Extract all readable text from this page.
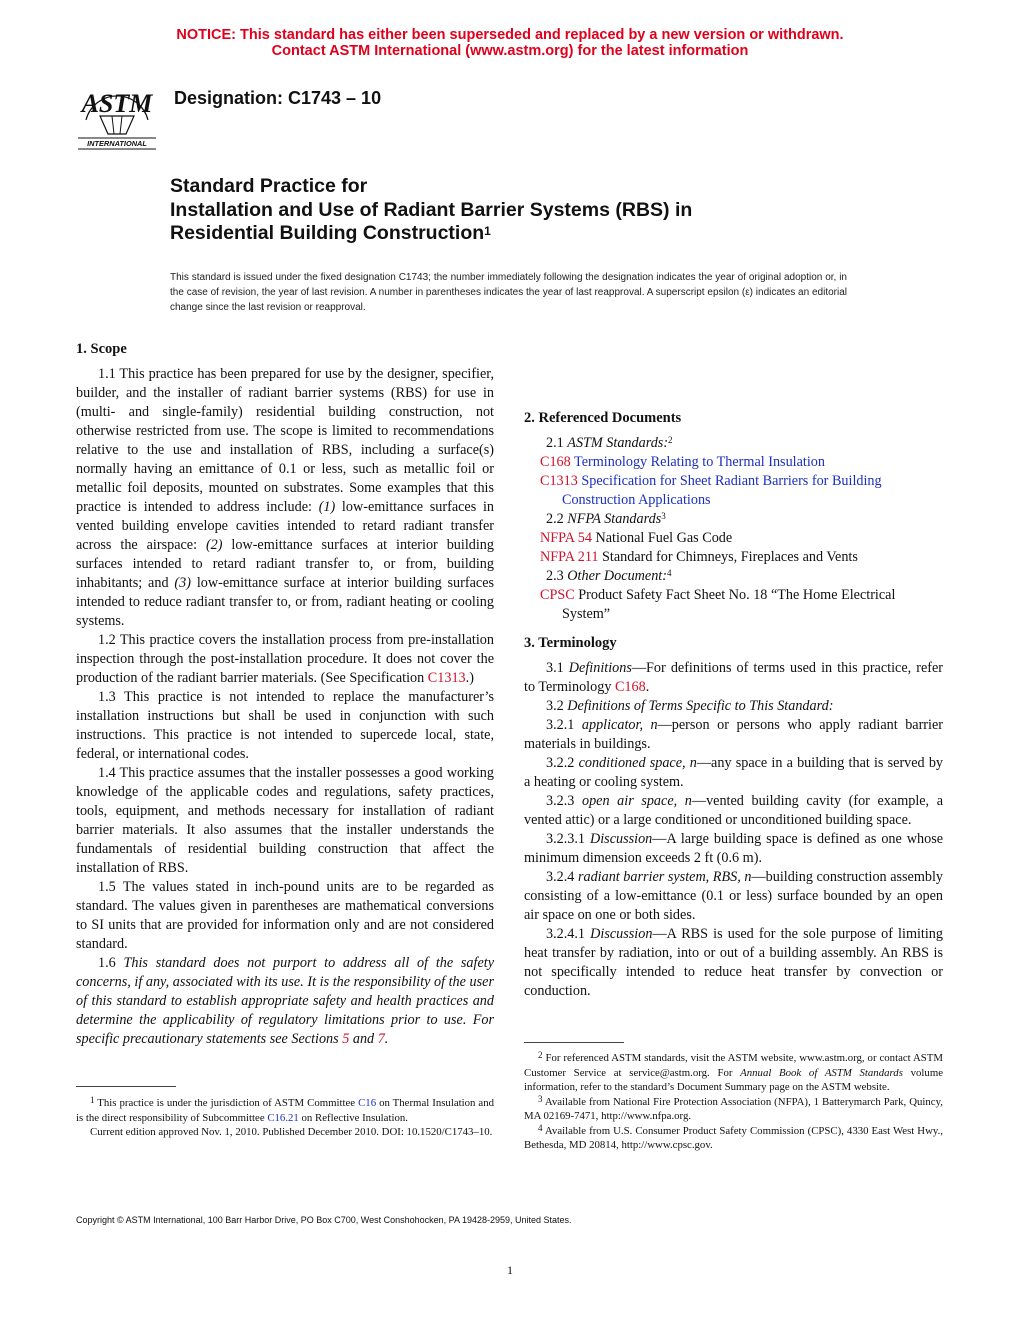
NOTICE: This standard has either been superseded and replaced by a new version or withdrawn.
Contact ASTM International (www.astm.org) for the latest information
ASTM
INTERNATIONAL
Designation: C1743 – 10
Standard Practice for
Installation and Use of Radiant Barrier Systems (RBS) in
Residential Building Construction$^1$
This standard is issued under the fixed designation C1743; the number immediately following the designation indicates the year of original adoption or, in the case of revision, the year of last revision. A number in parentheses indicates the year of last reapproval. A superscript epsilon (ε) indicates an editorial change since the last revision or reapproval.
1. Scope

1.1 This practice has been prepared for use by the designer, specifier, builder, and the installer of radiant barrier systems (RBS) for use in (multi- and single-family) residential building construction, not otherwise restricted from use. The scope is limited to recommendations relative to the use and installation of RBS, including a surface(s) normally having an emittance of 0.1 or less, such as metallic foil or metallic foil deposits, mounted on substrates. Some examples that this practice is intended to address include: (1) low-emittance surfaces in vented building envelope cavities intended to retard radiant transfer across the airspace: (2) low-emittance surfaces at interior building surfaces intended to retard radiant transfer to, or from, building inhabitants; and (3) low-emittance surface at interior building surfaces intended to reduce radiant transfer to, or from, radiant heating or cooling systems.

1.2 This practice covers the installation process from pre-installation inspection through the post-installation procedure. It does not cover the production of the radiant barrier materials. (See Specification C1313.)

1.3 This practice is not intended to replace the manufacturer’s installation instructions but shall be used in conjunction with such instructions. This practice is not intended to supercede local, state, federal, or international codes.

1.4 This practice assumes that the installer possesses a good working knowledge of the applicable codes and regulations, safety practices, tools, equipment, and methods necessary for installation of radiant barrier materials. It also assumes that the installer understands the fundamentals of residential building construction that affect the installation of RBS.

1.5 The values stated in inch-pound units are to be regarded as standard. The values given in parentheses are mathematical conversions to SI units that are provided for information only and are not considered standard.

1.6 This standard does not purport to address all of the safety concerns, if any, associated with its use. It is the responsibility of the user of this standard to establish appropriate safety and health practices and determine the applicability of regulatory limitations prior to use. For specific precautionary statements see Sections 5 and 7.

2. Referenced Documents

2.1 ASTM Standards:$^2$

C168 Terminology Relating to Thermal Insulation

C1313 Specification for Sheet Radiant Barriers for Building Construction Applications

2.2 NFPA Standards$^3$

NFPA 54 National Fuel Gas Code

NFPA 211 Standard for Chimneys, Fireplaces and Vents

2.3 Other Document:$^4$

CPSC Product Safety Fact Sheet No. 18 “The Home Electrical System”

3. Terminology

3.1 Definitions—For definitions of terms used in this practice, refer to Terminology C168.

3.2 Definitions of Terms Specific to This Standard:

3.2.1 applicator, n—person or persons who apply radiant barrier materials in buildings.

3.2.2 conditioned space, n—any space in a building that is served by a heating or cooling system.

3.2.3 open air space, n—vented building cavity (for example, a vented attic) or a large conditioned or unconditioned building space.

3.2.3.1 Discussion—A large building space is defined as one whose minimum dimension exceeds 2 ft (0.6 m).

3.2.4 radiant barrier system, RBS, n—building construction assembly consisting of a low-emittance (0.1 or less) surface bounded by an open air space on one or both sides.

3.2.4.1 Discussion—A RBS is used for the sole purpose of limiting heat transfer by radiation, into or out of a building assembly. An RBS is not specifically intended to reduce heat transfer by convection or conduction.

$^1$ This practice is under the jurisdiction of ASTM Committee C16 on Thermal Insulation and is the direct responsibility of Subcommittee C16.21 on Reflective Insulation.

Current edition approved Nov. 1, 2010. Published December 2010. DOI: 10.1520/C1743–10.

$^2$ For referenced ASTM standards, visit the ASTM website, www.astm.org, or contact ASTM Customer Service at service@astm.org. For Annual Book of ASTM Standards volume information, refer to the standard’s Document Summary page on the ASTM website.

$^3$ Available from National Fire Protection Association (NFPA), 1 Batterymarch Park, Quincy, MA 02169-7471, http://www.nfpa.org.

$^4$ Available from U.S. Consumer Product Safety Commission (CPSC), 4330 East West Hwy., Bethesda, MD 20814, http://www.cpsc.gov.

Copyright © ASTM International, 100 Barr Harbor Drive, PO Box C700, West Conshohocken, PA 19428-2959, United States.
1
